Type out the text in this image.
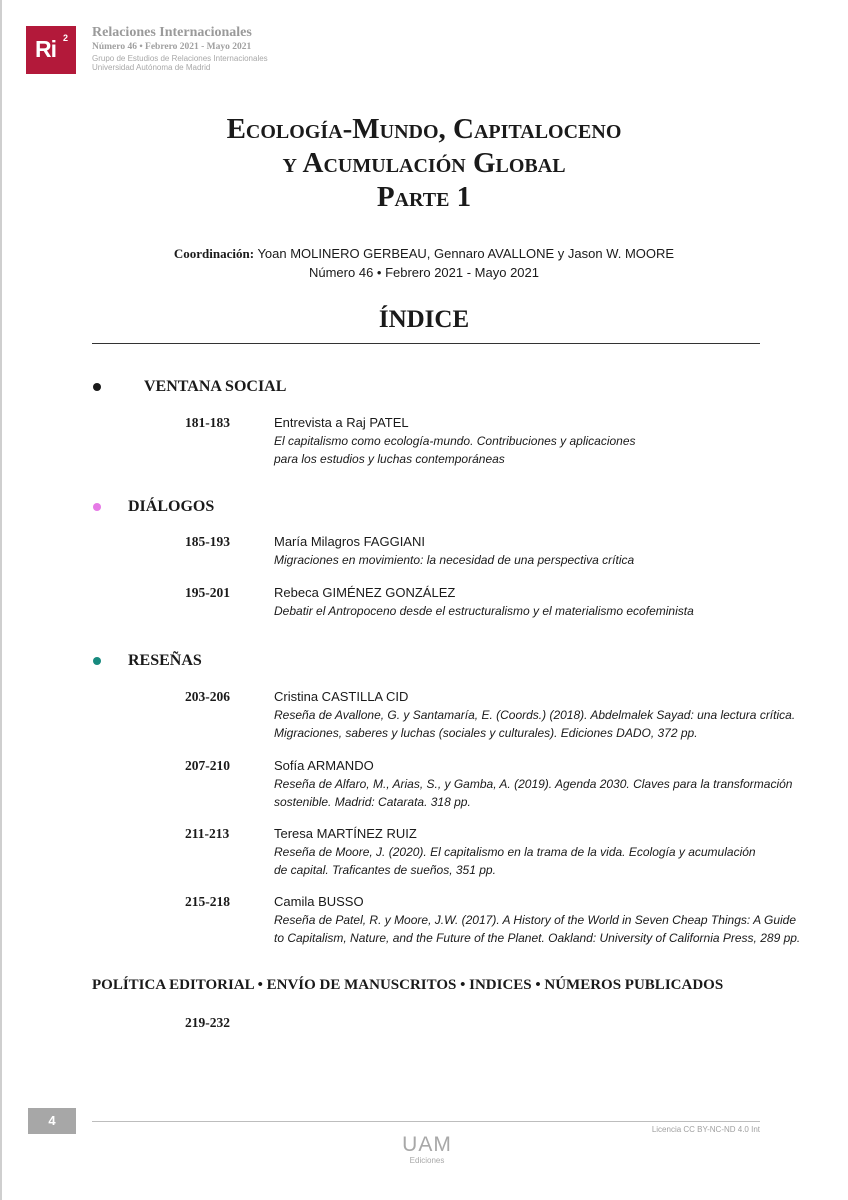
Ri 2 Relaciones Internacionales
Número 46 • Febrero 2021 - Mayo 2021
Grupo de Estudios de Relaciones Internacionales
Universidad Autónoma de Madrid
Ecología-Mundo, Capitaloceno
y Acumulación Global
Parte 1
Coordinación: Yoan MOLINERO GERBEAU, Gennaro AVALLONE y Jason W. MOORE
Número 46 • Febrero 2021 - Mayo 2021
ÍNDICE
VENTANA SOCIAL
181-183	Entrevista a Raj PATEL
El capitalismo como ecología-mundo. Contribuciones y aplicaciones
para los estudios y luchas contemporáneas
DIÁLOGOS
185-193	María Milagros FAGGIANI
Migraciones en movimiento: la necesidad de una perspectiva crítica
195-201	Rebeca GIMÉNEZ GONZÁLEZ
Debatir el Antropoceno desde el estructuralismo y el materialismo ecofeminista
RESEÑAS
203-206	Cristina CASTILLA CID
Reseña de Avallone, G. y Santamaría, E. (Coords.) (2018). Abdelmalek Sayad: una lectura crítica.
Migraciones, saberes y luchas (sociales y culturales). Ediciones DADO, 372 pp.
207-210	Sofía ARMANDO
Reseña de Alfaro, M., Arias, S., y Gamba, A. (2019). Agenda 2030. Claves para la transformación
sostenible. Madrid: Catarata. 318 pp.
211-213	Teresa MARTÍNEZ RUIZ
Reseña de Moore, J. (2020). El capitalismo en la trama de la vida. Ecología y acumulación
de capital. Traficantes de sueños, 351 pp.
215-218	Camila BUSSO
Reseña de Patel, R. y Moore, J.W. (2017). A History of the World in Seven Cheap Things: A Guide
to Capitalism, Nature, and the Future of the Planet. Oakland: University of California Press, 289 pp.
POLÍTICA EDITORIAL • ENVÍO DE MANUSCRITOS • INDICES • NÚMEROS PUBLICADOS
219-232
4
Licencia CC BY-NC-ND 4.0 Int
UAM
Ediciones
